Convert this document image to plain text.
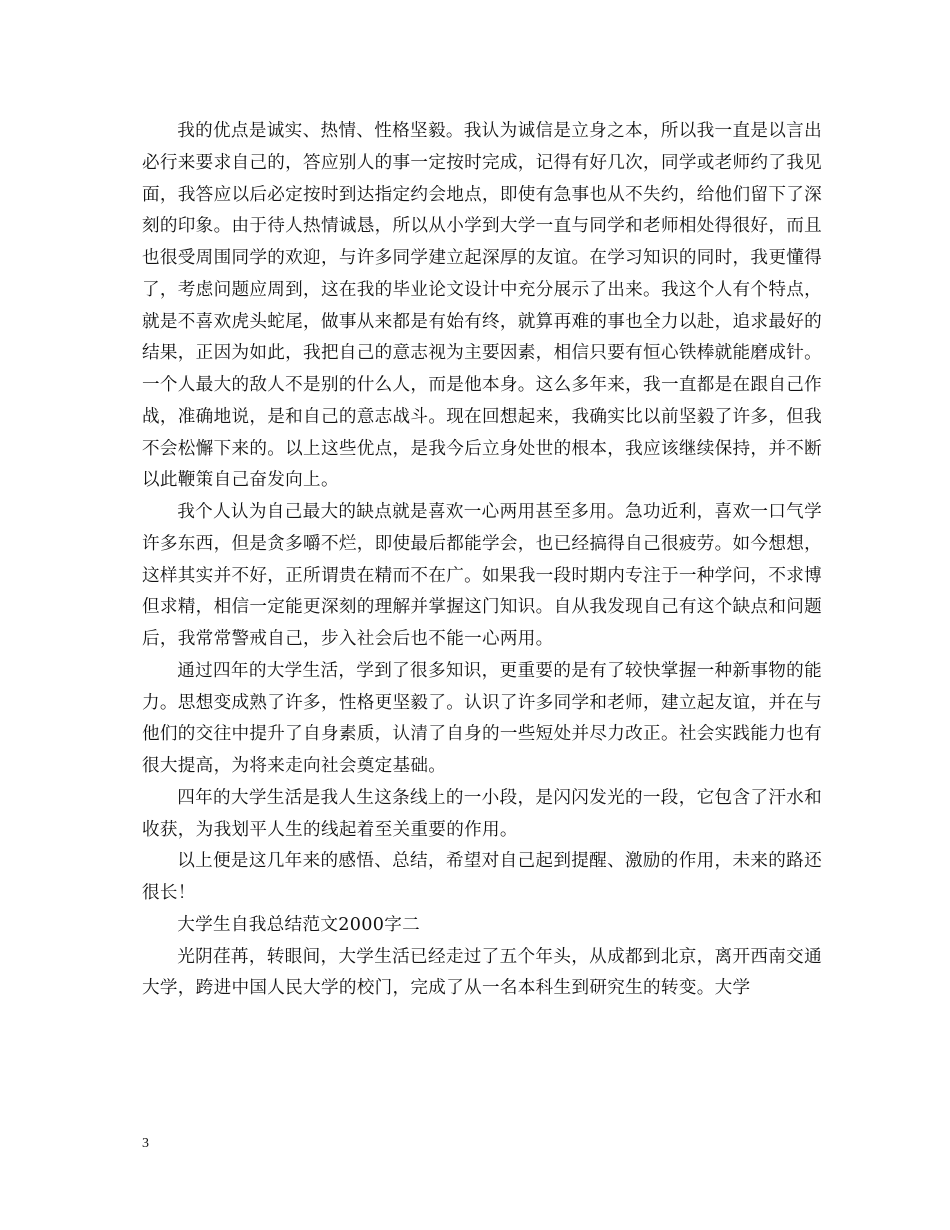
我的优点是诚实、热情、性格坚毅。我认为诚信是立身之本，所以我一直是以言出必行来要求自己的，答应别人的事一定按时完成，记得有好几次，同学或老师约了我见面，我答应以后必定按时到达指定约会地点，即使有急事也从不失约，给他们留下了深刻的印象。由于待人热情诚恳，所以从小学到大学一直与同学和老师相处得很好，而且也很受周围同学的欢迎，与许多同学建立起深厚的友谊。在学习知识的同时，我更懂得了，考虑问题应周到，这在我的毕业论文设计中充分展示了出来。我这个人有个特点，就是不喜欢虎头蛇尾，做事从来都是有始有终，就算再难的事也全力以赴，追求最好的结果，正因为如此，我把自己的意志视为主要因素，相信只要有恒心铁棒就能磨成针。一个人最大的敌人不是别的什么人，而是他本身。这么多年来，我一直都是在跟自己作战，准确地说，是和自己的意志战斗。现在回想起来，我确实比以前坚毅了许多，但我不会松懈下来的。以上这些优点，是我今后立身处世的根本，我应该继续保持，并不断以此鞭策自己奋发向上。

我个人认为自己最大的缺点就是喜欢一心两用甚至多用。急功近利，喜欢一口气学许多东西，但是贪多嚼不烂，即使最后都能学会，也已经搞得自己很疲劳。如今想想，这样其实并不好，正所谓贵在精而不在广。如果我一段时期内专注于一种学问，不求博但求精，相信一定能更深刻的理解并掌握这门知识。自从我发现自己有这个缺点和问题后，我常常警戒自己，步入社会后也不能一心两用。

通过四年的大学生活，学到了很多知识，更重要的是有了较快掌握一种新事物的能力。思想变成熟了许多，性格更坚毅了。认识了许多同学和老师，建立起友谊，并在与他们的交往中提升了自身素质，认清了自身的一些短处并尽力改正。社会实践能力也有很大提高，为将来走向社会奠定基础。

四年的大学生活是我人生这条线上的一小段，是闪闪发光的一段，它包含了汗水和收获，为我划平人生的线起着至关重要的作用。

以上便是这几年来的感悟、总结，希望对自己起到提醒、激励的作用，未来的路还很长！

大学生自我总结范文2000字二

光阴荏苒，转眼间，大学生活已经走过了五个年头，从成都到北京，离开西南交通大学，跨进中国人民大学的校门，完成了从一名本科生到研究生的转变。大学

3
